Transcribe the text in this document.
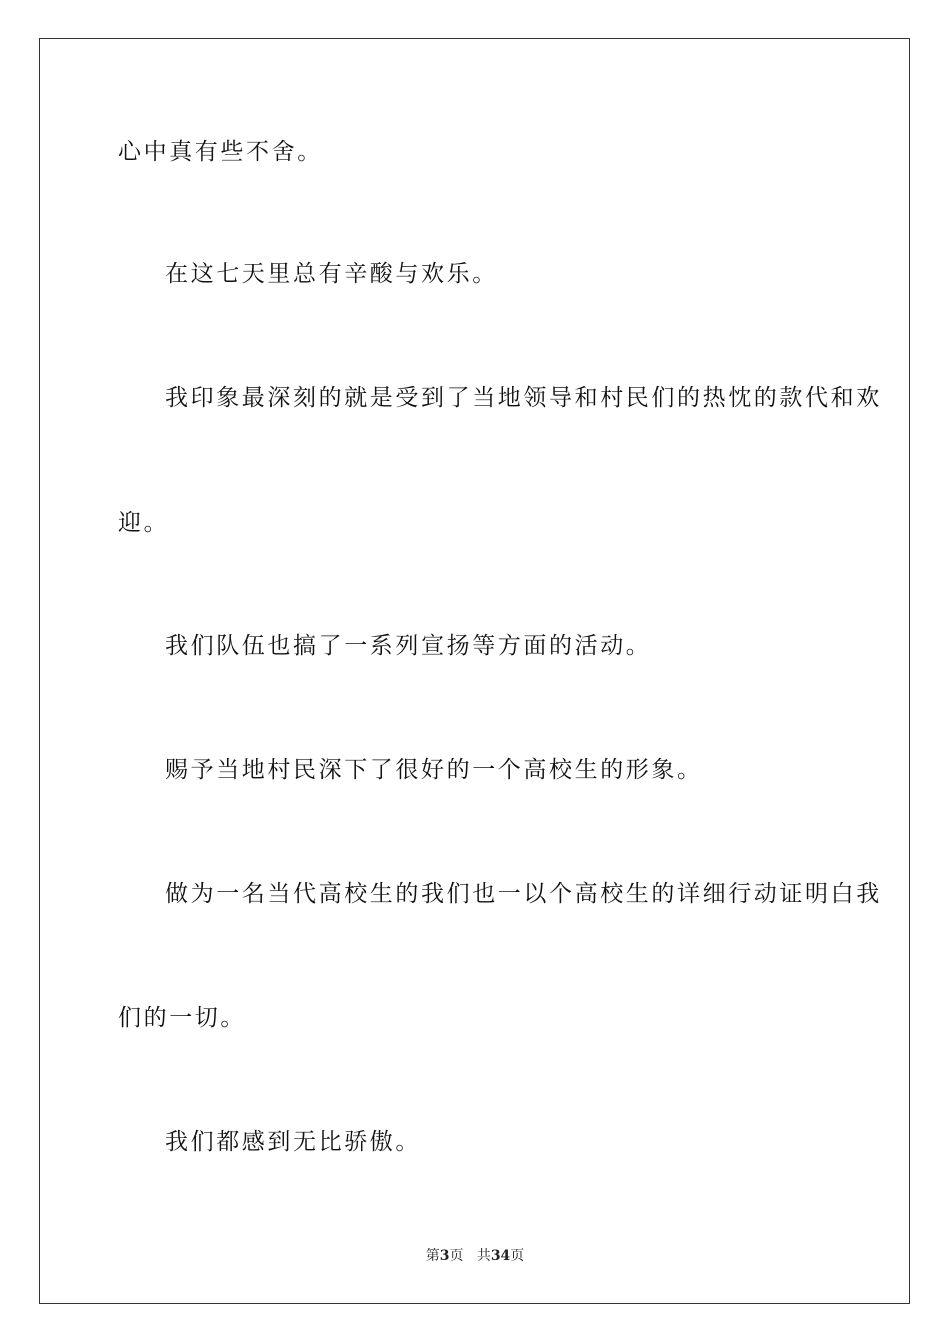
心中真有些不舍。
在这七天里总有辛酸与欢乐。
我印象最深刻的就是受到了当地领导和村民们的热忱的款代和欢
迎。
我们队伍也搞了一系列宣扬等方面的活动。
赐予当地村民深下了很好的一个高校生的形象。
做为一名当代高校生的我们也一以个高校生的详细行动证明白我
们的一切。
我们都感到无比骄傲。
第3页 共34页
